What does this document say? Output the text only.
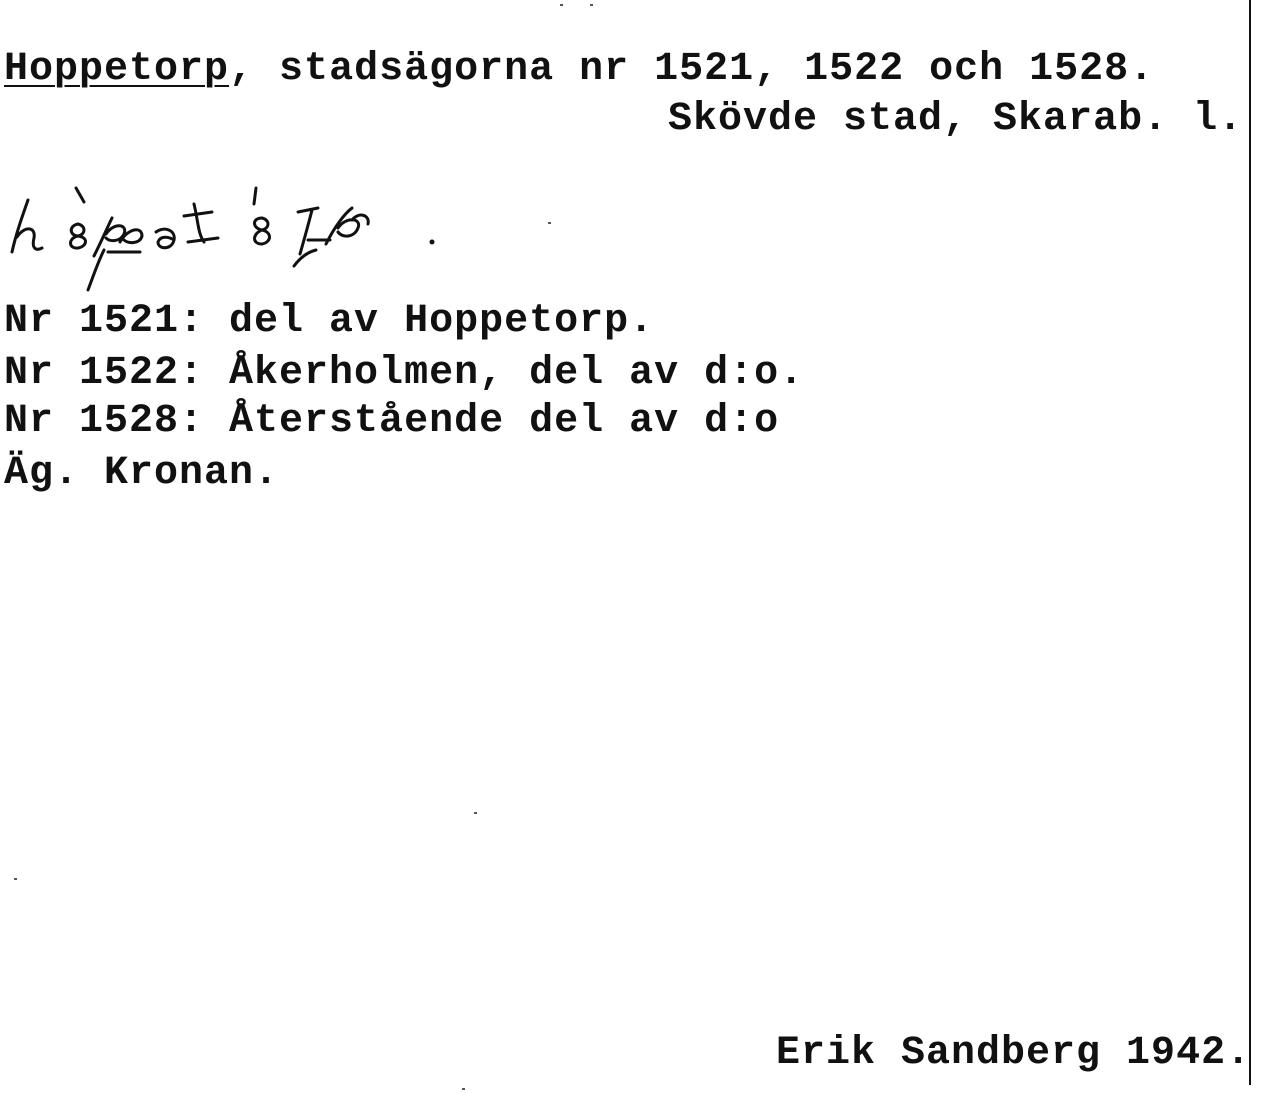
Hoppetorp, stadsägorna nr 1521, 1522 och 1528.
Skövde stad, Skarab. l.
Nr 1521: del av Hoppetorp.
Nr 1522: Åkerholmen, del av d:o.
Nr 1528: Återstående del av d:o
Äg. Kronan.
Erik Sandberg 1942.
